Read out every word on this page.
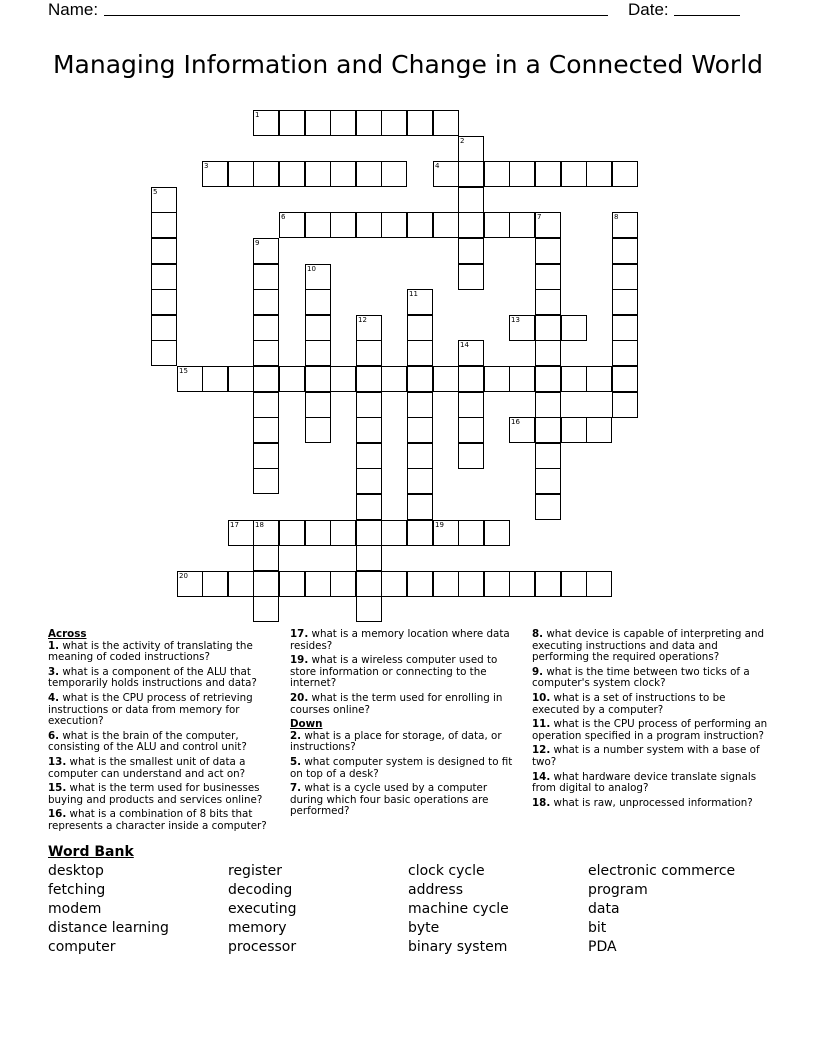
Name:	Date:
Managing Information and Change in a Connected World
1
2
3	4
5
6	7	8
9
10
11
12	13
14
15
16
17 18	19
20
Across
1. what is the activity of translating the meaning of coded instructions?
3. what is a component of the ALU that temporarily holds instructions and data?
4. what is the CPU process of retrieving instructions or data from memory for execution?
6. what is the brain of the computer, consisting of the ALU and control unit?
13. what is the smallest unit of data a computer can understand and act on?
15. what is the term used for businesses buying and products and services online?
16. what is a combination of 8 bits that represents a character inside a computer?
17. what is a memory location where data resides?
19. what is a wireless computer used to store information or connecting to the internet?
20. what is the term used for enrolling in courses online?
Down
2. what is a place for storage, of data, or instructions?
5. what computer system is designed to fit on top of a desk?
7. what is a cycle used by a computer during which four basic operations are performed?
8. what device is capable of interpreting and executing instructions and data and performing the required operations?
9. what is the time between two ticks of a computer's system clock?
10. what is a set of instructions to be executed by a computer?
11. what is the CPU process of performing an operation specified in a program instruction?
12. what is a number system with a base of two?
14. what hardware device translate signals from digital to analog?
18. what is raw, unprocessed information?
Word Bank
desktop
fetching
modem
distance learning
computer
register
decoding
executing
memory
processor
clock cycle
address
machine cycle
byte
binary system
electronic commerce
program
data
bit
PDA
